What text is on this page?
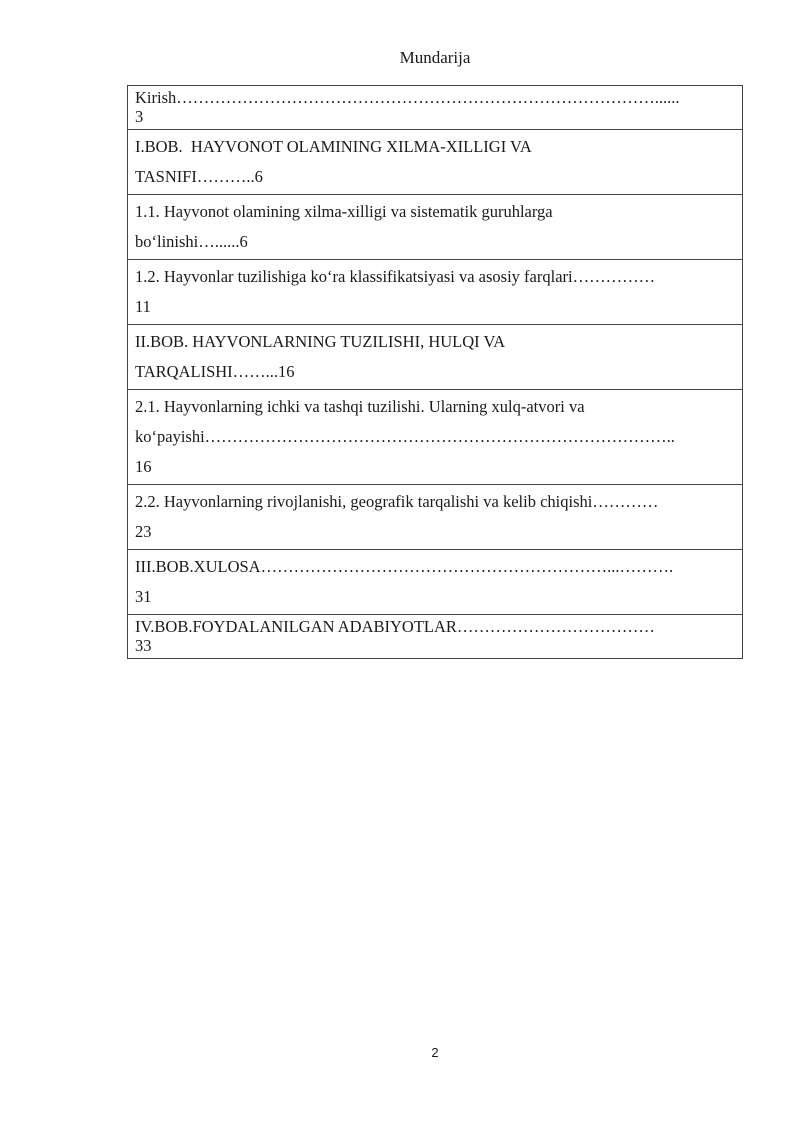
Mundarija
Kirish……………………………………………………………………………......
3
I.BOB.  HAYVONOT OLAMINING XILMA-XILLIGI VA
TASNIFI………..6
1.1. Hayvonot olamining xilma-xilligi va sistematik guruhlarga
bo‘linishi…......6
1.2. Hayvonlar tuzilishiga ko‘ra klassifikatsiyasi va asosiy farqlari……………
11
II.BOB. HAYVONLARNING TUZILISHI, HULQI VA
TARQALISHI……...16
2.1. Hayvonlarning ichki va tashqi tuzilishi. Ularning xulq-atvori va
ko‘payishi…………………………………………………………………………..
16
2.2. Hayvonlarning rivojlanishi, geografik tarqalishi va kelib chiqishi…………
23
III.BOB.XULOSA………………………………………………………...……….
31
IV.BOB.FOYDALANILGAN ADABIYOTLAR………………………………
33
2
